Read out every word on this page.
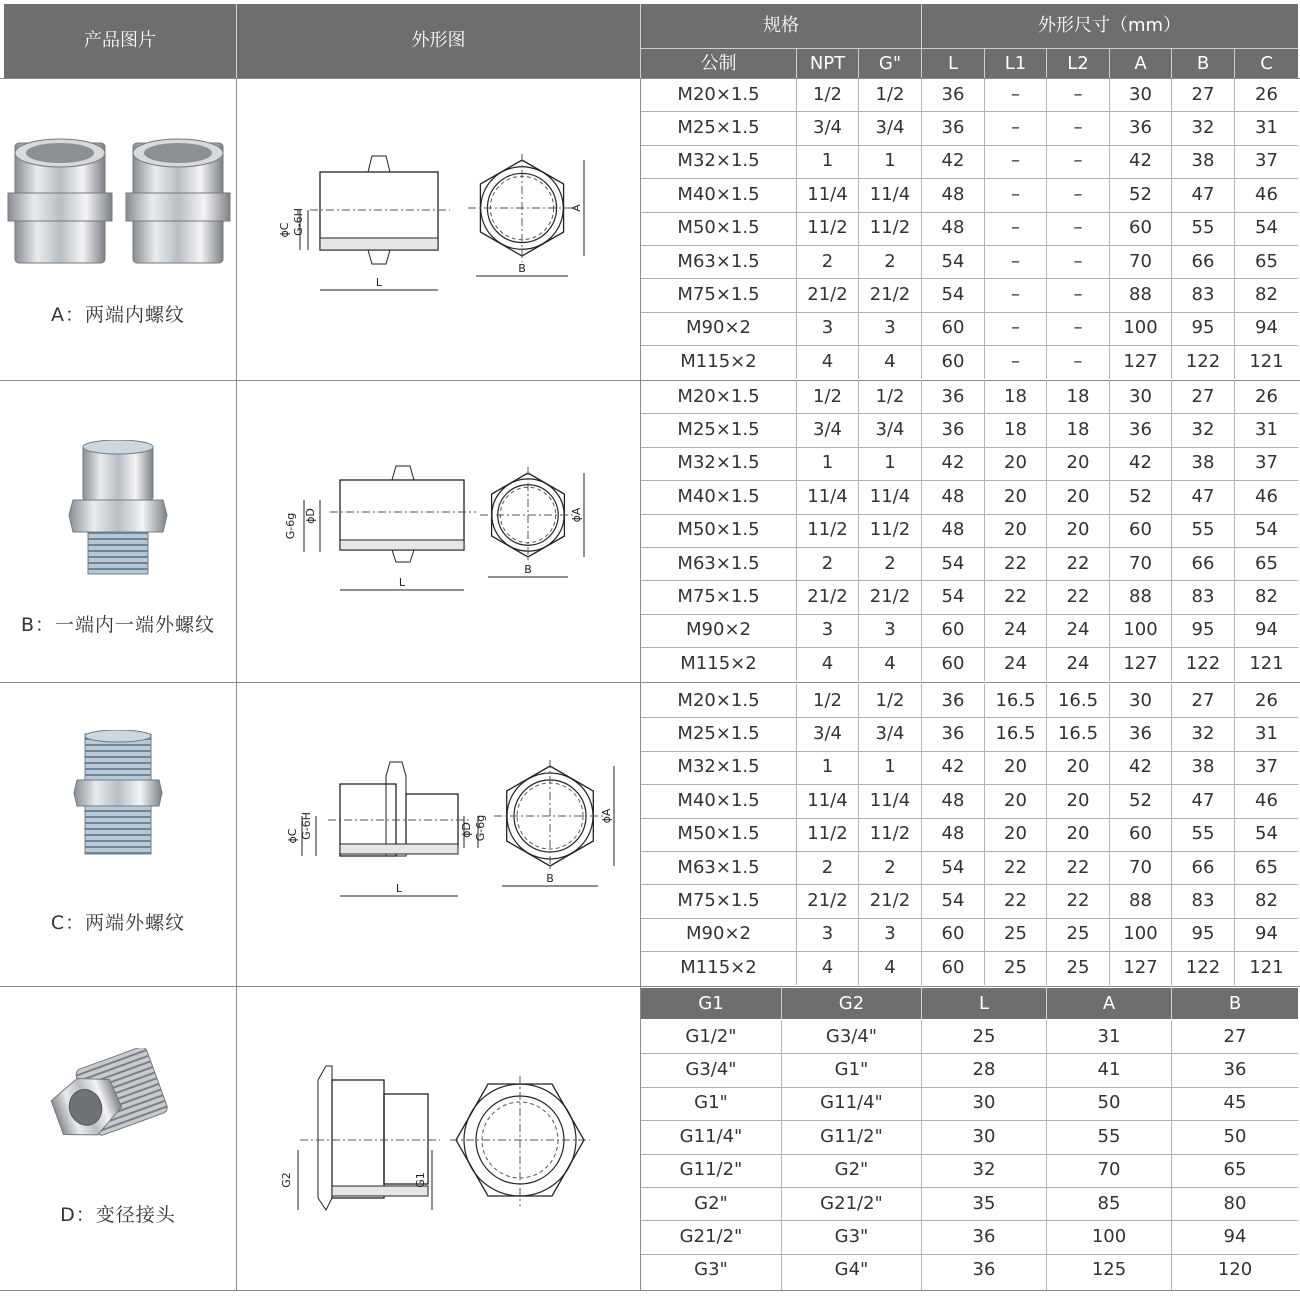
产品图片	外形图
规格	外形尺寸（mm）
公制	NPT	G"	L	L1	L2	A	B	C
M20×1.5	1/2	1/2	36	–	–	30	27	26
M25×1.5	3/4	3/4	36	–	–	36	32	31
M32×1.5	1	1	42	–	–	42	38	37
M40×1.5	11/4	11/4	48	–	–	52	47	46
M50×1.5	11/2	11/2	48	–	–	60	55	54
M63×1.5	2	2	54	–	–	70	66	65
M75×1.5	21/2	21/2	54	–	–	88	83	82
M90×2	3	3	60	–	–	100	95	94
M115×2	4	4	60	–	–	127	122	121
M20×1.5	1/2	1/2	36	18	18	30	27	26
M25×1.5	3/4	3/4	36	18	18	36	32	31
M32×1.5	1	1	42	20	20	42	38	37
M40×1.5	11/4	11/4	48	20	20	52	47	46
M50×1.5	11/2	11/2	48	20	20	60	55	54
M63×1.5	2	2	54	22	22	70	66	65
M75×1.5	21/2	21/2	54	22	22	88	83	82
M90×2	3	3	60	24	24	100	95	94
M115×2	4	4	60	24	24	127	122	121
M20×1.5	1/2	1/2	36	16.5	16.5	30	27	26
M25×1.5	3/4	3/4	36	16.5	16.5	36	32	31
M32×1.5	1	1	42	20	20	42	38	37
M40×1.5	11/4	11/4	48	20	20	52	47	46
M50×1.5	11/2	11/2	48	20	20	60	55	54
M63×1.5	2	2	54	22	22	70	66	65
M75×1.5	21/2	21/2	54	22	22	88	83	82
M90×2	3	3	60	25	25	100	95	94
M115×2	4	4	60	25	25	127	122	121
G1	G2	L	A	B
G1/2"	G3/4"	25	31	27
G3/4"	G1"	28	41	36
G1"	G11/4"	30	50	45
G11/4"	G11/2"	30	55	50
G11/2"	G2"	32	70	65
G2"	G21/2"	35	85	80
G21/2"	G3"	36	100	94
G3"	G4"	36	125	120
A：两端内螺纹
B：一端内一端外螺纹
C：两端外螺纹
D：变径接头
L
ϕC G-6H
B
A
L
G-6g ϕD
B
ϕA
L
ϕC G-6H	ϕD G-6g
B
ϕA
G2	G1
